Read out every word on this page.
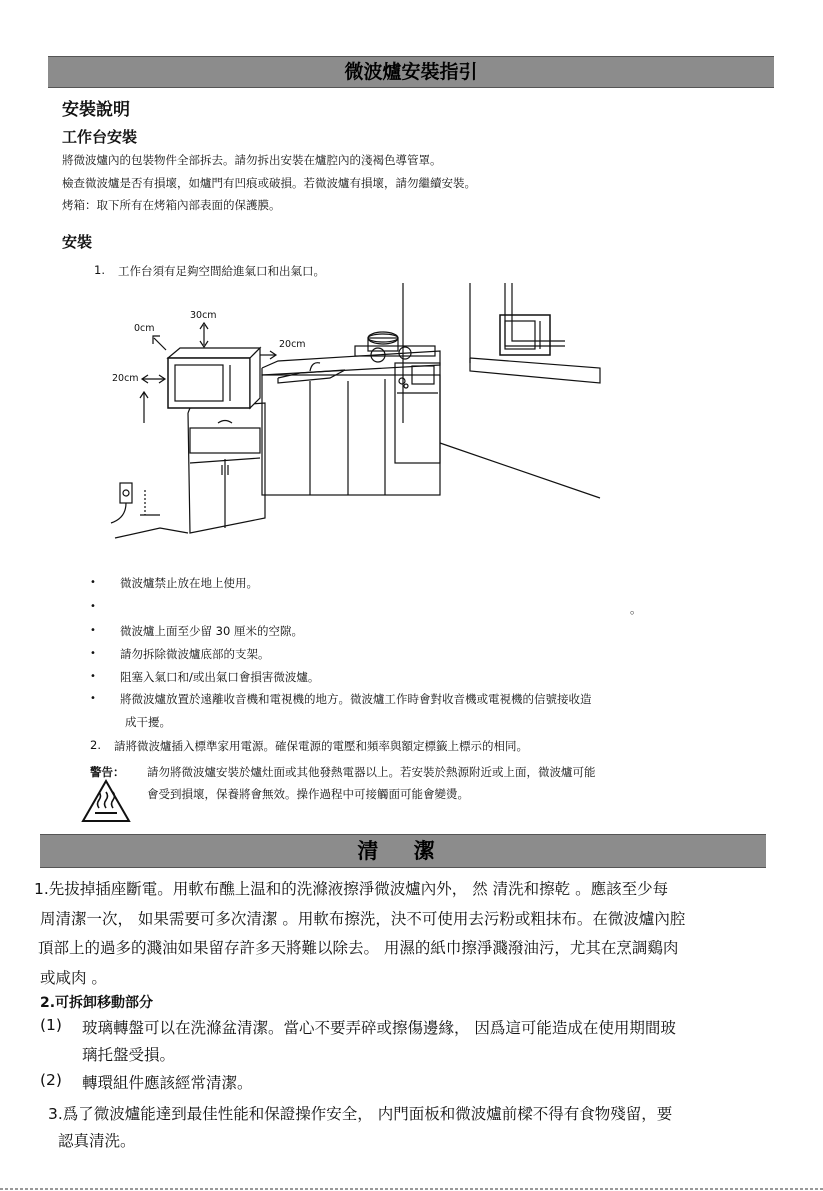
微波爐安裝指引
安裝說明
工作台安裝
將微波爐內的包裝物件全部拆去。請勿拆出安裝在爐腔內的淺褐色導管罩。
檢查微波爐是否有損壞，如爐門有凹痕或破損。若微波爐有損壞，請勿繼續安裝。
烤箱：取下所有在烤箱內部表面的保護膜。
安裝
1. 工作台須有足夠空間給進氣口和出氣口。
30cm
0cm
20cm
20cm
• 微波爐禁止放在地上使用。
•	。
• 微波爐上面至少留 30 厘米的空隙。
• 請勿拆除微波爐底部的支架。
• 阻塞入氣口和/或出氣口會損害微波爐。
• 將微波爐放置於遠離收音機和電視機的地方。微波爐工作時會對收音機或電視機的信號接收造
成干擾。
2. 請將微波爐插入標準家用電源。確保電源的電壓和頻率與額定標籤上標示的相同。
警告： 請勿將微波爐安裝於爐灶面或其他發熱電器以上。若安裝於熱源附近或上面，微波爐可能
會受到損壞，保養將會無效。操作過程中可接觸面可能會變燙。
清 潔
1.先拔掉插座斷電。用軟布醮上温和的洗滌液擦淨微波爐內外， 然 清洗和擦乾 。應該至少每
周清潔一次， 如果需要可多次清潔 。用軟布擦洗，決不可使用去污粉或粗抹布。在微波爐內腔
頂部上的過多的濺油如果留存許多天將難以除去。 用濕的紙巾擦淨濺潑油污，尤其在烹調鷄肉
或咸肉 。
2.可拆卸移動部分
(1) 玻璃轉盤可以在洗滌盆清潔。當心不要弄碎或擦傷邊緣， 因爲這可能造成在使用期間玻
璃托盤受損。
(2) 轉環組件應該經常清潔。
3.爲了微波爐能達到最佳性能和保證操作安全， 内門面板和微波爐前樑不得有食物殘留，要
認真清洗。
